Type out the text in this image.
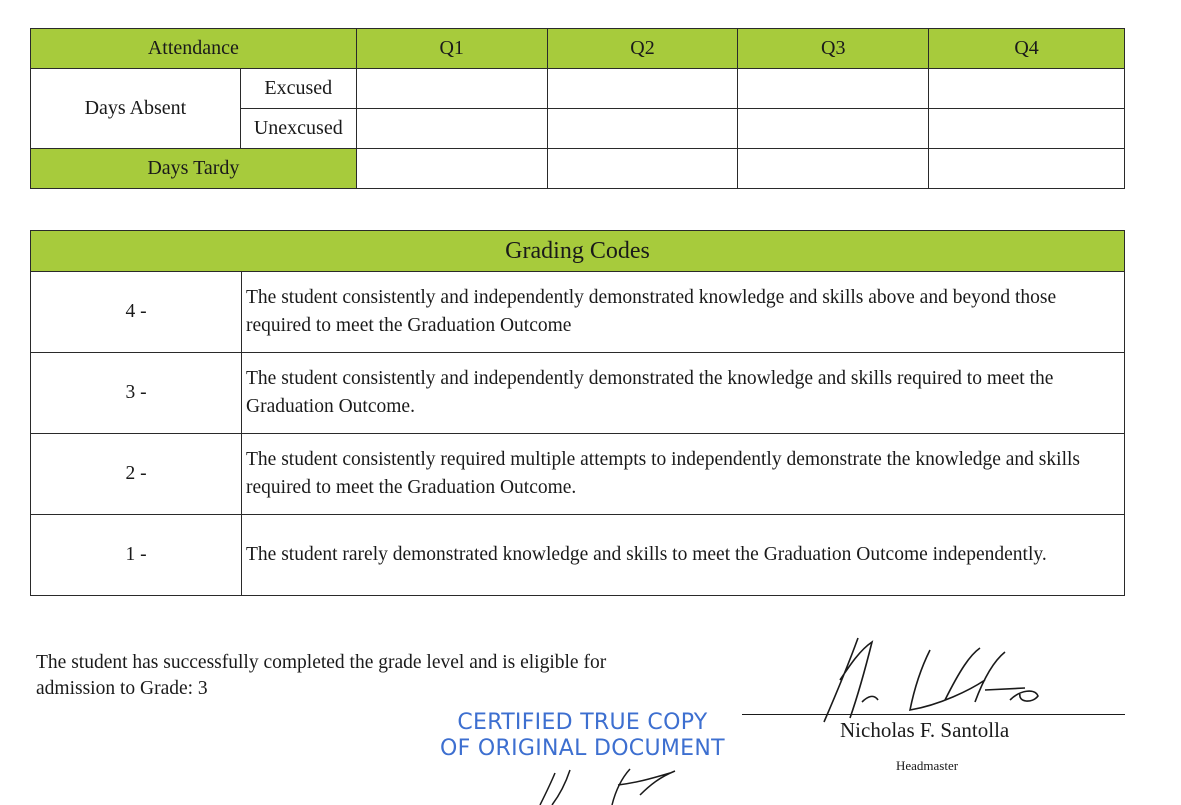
Attendance		Q1	Q2	Q3	Q4
Days Absent	Excused				
	Unexcused				
Days Tardy					
Grading Codes	
4 -	The student consistently and independently demonstrated knowledge and skills above and beyond those required to meet the Graduation Outcome
3 -	The student consistently and independently demonstrated the knowledge and skills required to meet the Graduation Outcome.
2 -	The student consistently required multiple attempts to independently demonstrate the knowledge and skills required to meet the Graduation Outcome.
1 -	The student rarely demonstrated knowledge and skills to meet the Graduation Outcome independently.
The student has successfully completed the grade level and is eligible for
admission to Grade: 3
Nicholas F. Santolla
Headmaster
CERTIFIED TRUE COPY
OF ORIGINAL DOCUMENT
